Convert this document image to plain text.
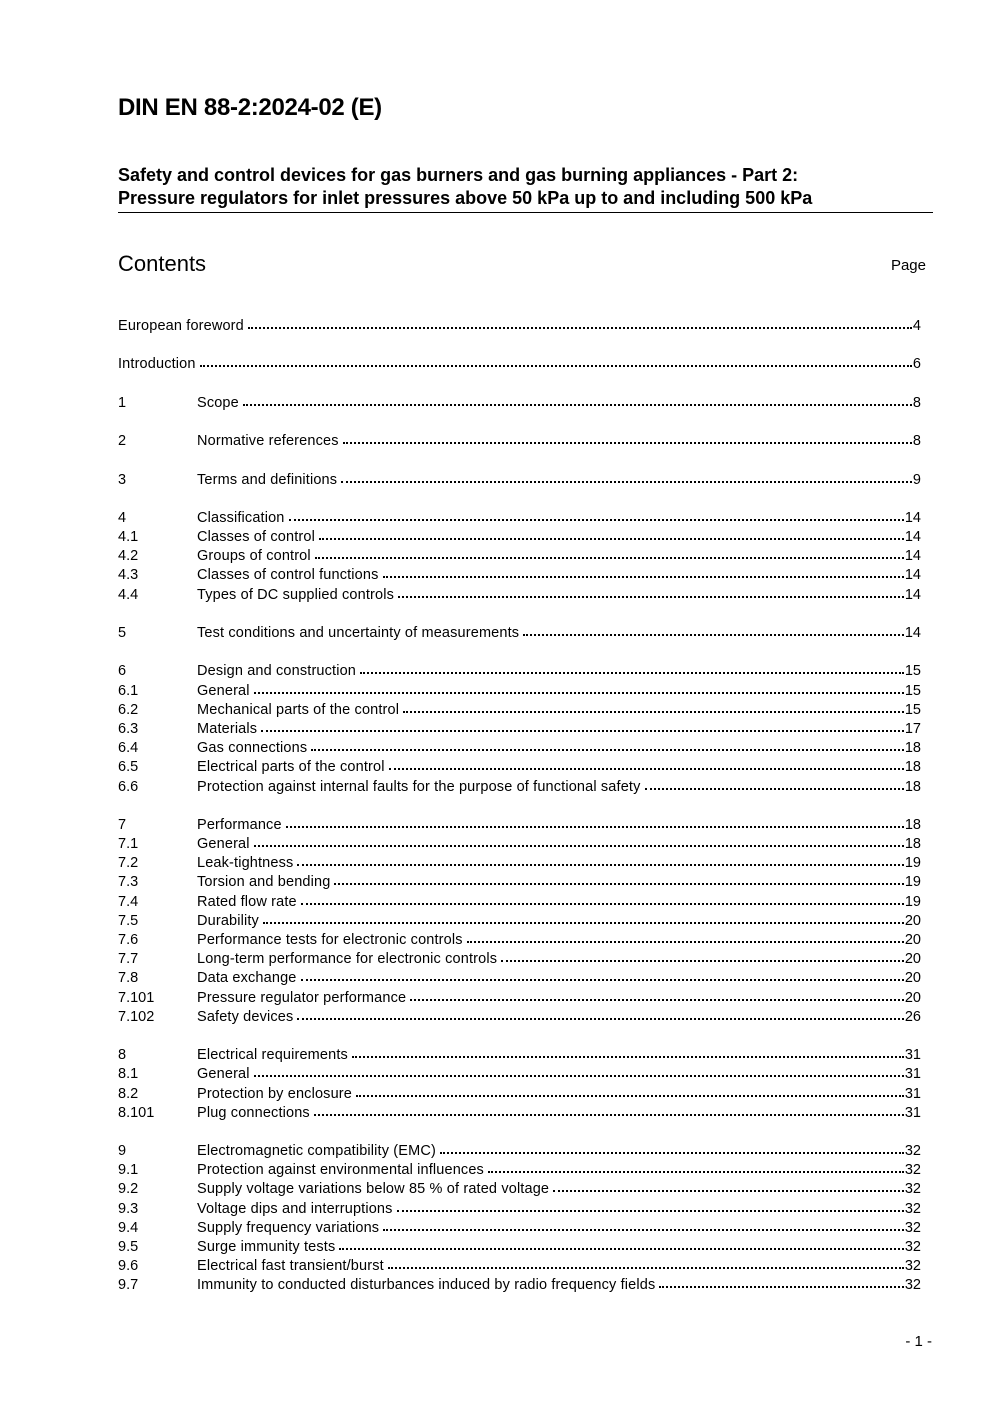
DIN EN 88-2:2024-02 (E)
Safety and control devices for gas burners and gas burning appliances - Part 2:
Pressure regulators for inlet pressures above 50 kPa up to and including 500 kPa
Contents	Page
European foreword	4
Introduction	6
1	Scope	8
2	Normative references	8
3	Terms and definitions	9
4	Classification	14
4.1	Classes of control	14
4.2	Groups of control	14
4.3	Classes of control functions	14
4.4	Types of DC supplied controls	14
5	Test conditions and uncertainty of measurements	14
6	Design and construction	15
6.1	General	15
6.2	Mechanical parts of the control	15
6.3	Materials	17
6.4	Gas connections	18
6.5	Electrical parts of the control	18
6.6	Protection against internal faults for the purpose of functional safety	18
7	Performance	18
7.1	General	18
7.2	Leak-tightness	19
7.3	Torsion and bending	19
7.4	Rated flow rate	19
7.5	Durability	20
7.6	Performance tests for electronic controls	20
7.7	Long-term performance for electronic controls	20
7.8	Data exchange	20
7.101	Pressure regulator performance	20
7.102	Safety devices	26
8	Electrical requirements	31
8.1	General	31
8.2	Protection by enclosure	31
8.101	Plug connections	31
9	Electromagnetic compatibility (EMC)	32
9.1	Protection against environmental influences	32
9.2	Supply voltage variations below 85 % of rated voltage	32
9.3	Voltage dips and interruptions	32
9.4	Supply frequency variations	32
9.5	Surge immunity tests	32
9.6	Electrical fast transient/burst	32
9.7	Immunity to conducted disturbances induced by radio frequency fields	32
- 1 -
